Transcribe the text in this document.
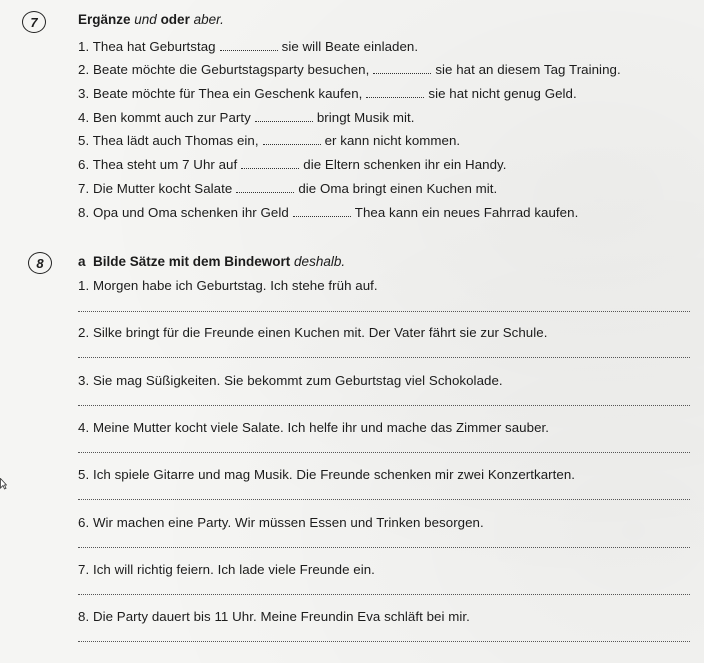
7	Ergänze und oder aber.
1. Thea hat Geburtstag	sie will Beate einladen.
2. Beate möchte die Geburtstagsparty besuchen,	sie hat an diesem Tag Training.
3. Beate möchte für Thea ein Geschenk kaufen,	sie hat nicht genug Geld.
4. Ben kommt auch zur Party	bringt Musik mit.
5. Thea lädt auch Thomas ein,	er kann nicht kommen.
6. Thea steht um 7 Uhr auf	die Eltern schenken ihr ein Handy.
7. Die Mutter kocht Salate	die Oma bringt einen Kuchen mit.
8. Opa und Oma schenken ihr Geld	Thea kann ein neues Fahrrad kaufen.
8	a  Bilde Sätze mit dem Bindewort deshalb.
1. Morgen habe ich Geburtstag. Ich stehe früh auf.
2. Silke bringt für die Freunde einen Kuchen mit. Der Vater fährt sie zur Schule.
3. Sie mag Süßigkeiten. Sie bekommt zum Geburtstag viel Schokolade.
4. Meine Mutter kocht viele Salate. Ich helfe ihr und mache das Zimmer sauber.
5. Ich spiele Gitarre und mag Musik. Die Freunde schenken mir zwei Konzertkarten.
6. Wir machen eine Party. Wir müssen Essen und Trinken besorgen.
7. Ich will richtig feiern. Ich lade viele Freunde ein.
8. Die Party dauert bis 11 Uhr. Meine Freundin Eva schläft bei mir.
